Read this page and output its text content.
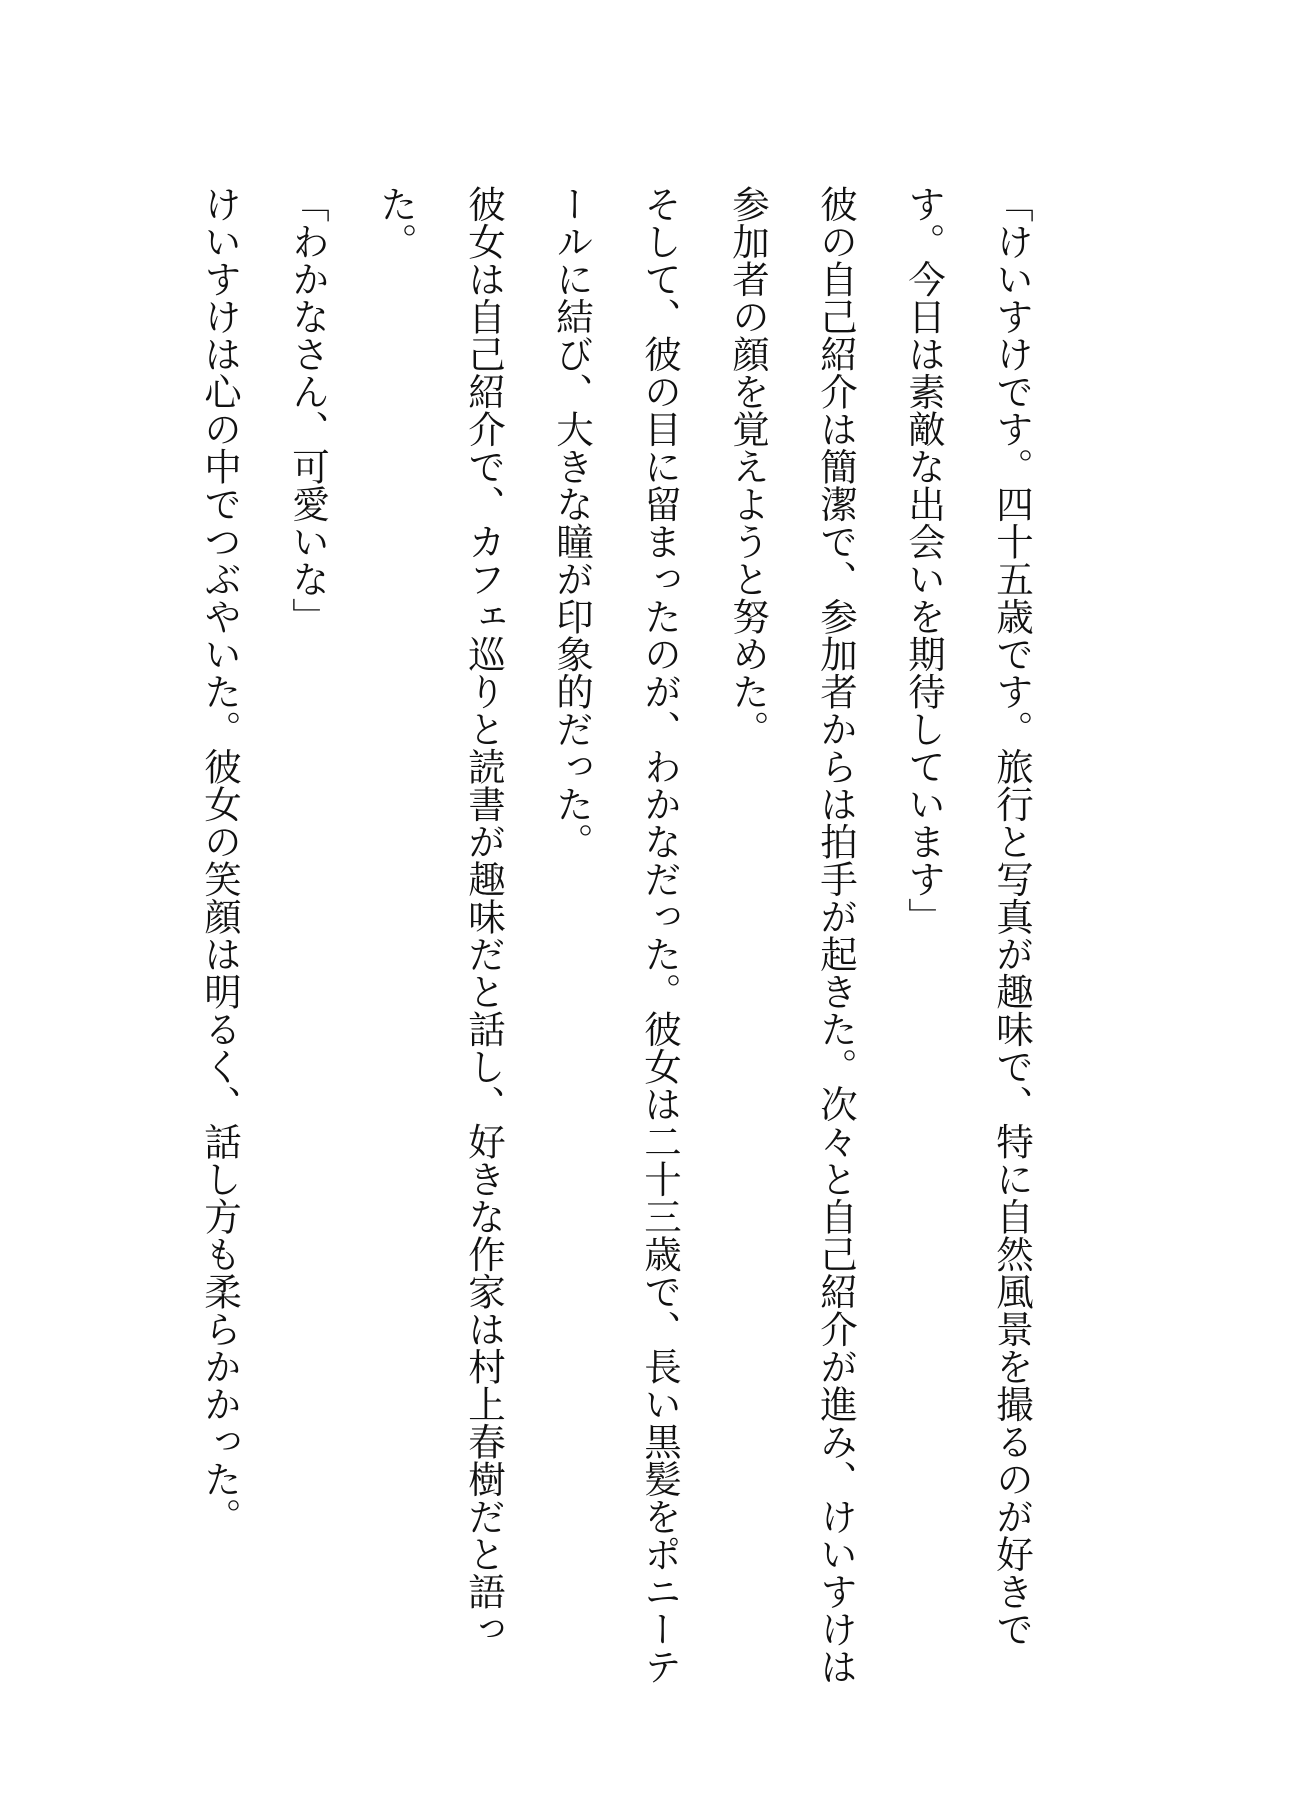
「けいすけです。四十五歳です。旅行と写真が趣味で、特に自然風景を撮るのが好きです。今日は素敵な出会いを期待しています」

彼の自己紹介は簡潔で、参加者からは拍手が起きた。次々と自己紹介が進み、けいすけは参加者の顔を覚えようと努めた。

そして、彼の目に留まったのが、わかなだった。彼女は二十三歳で、長い黒髪をポニーテールに結び、大きな瞳が印象的だった。

彼女は自己紹介で、カフェ巡りと読書が趣味だと話し、好きな作家は村上春樹だと語った。

「わかなさん、可愛いな」

けいすけは心の中でつぶやいた。彼女の笑顔は明るく、話し方も柔らかかった。
